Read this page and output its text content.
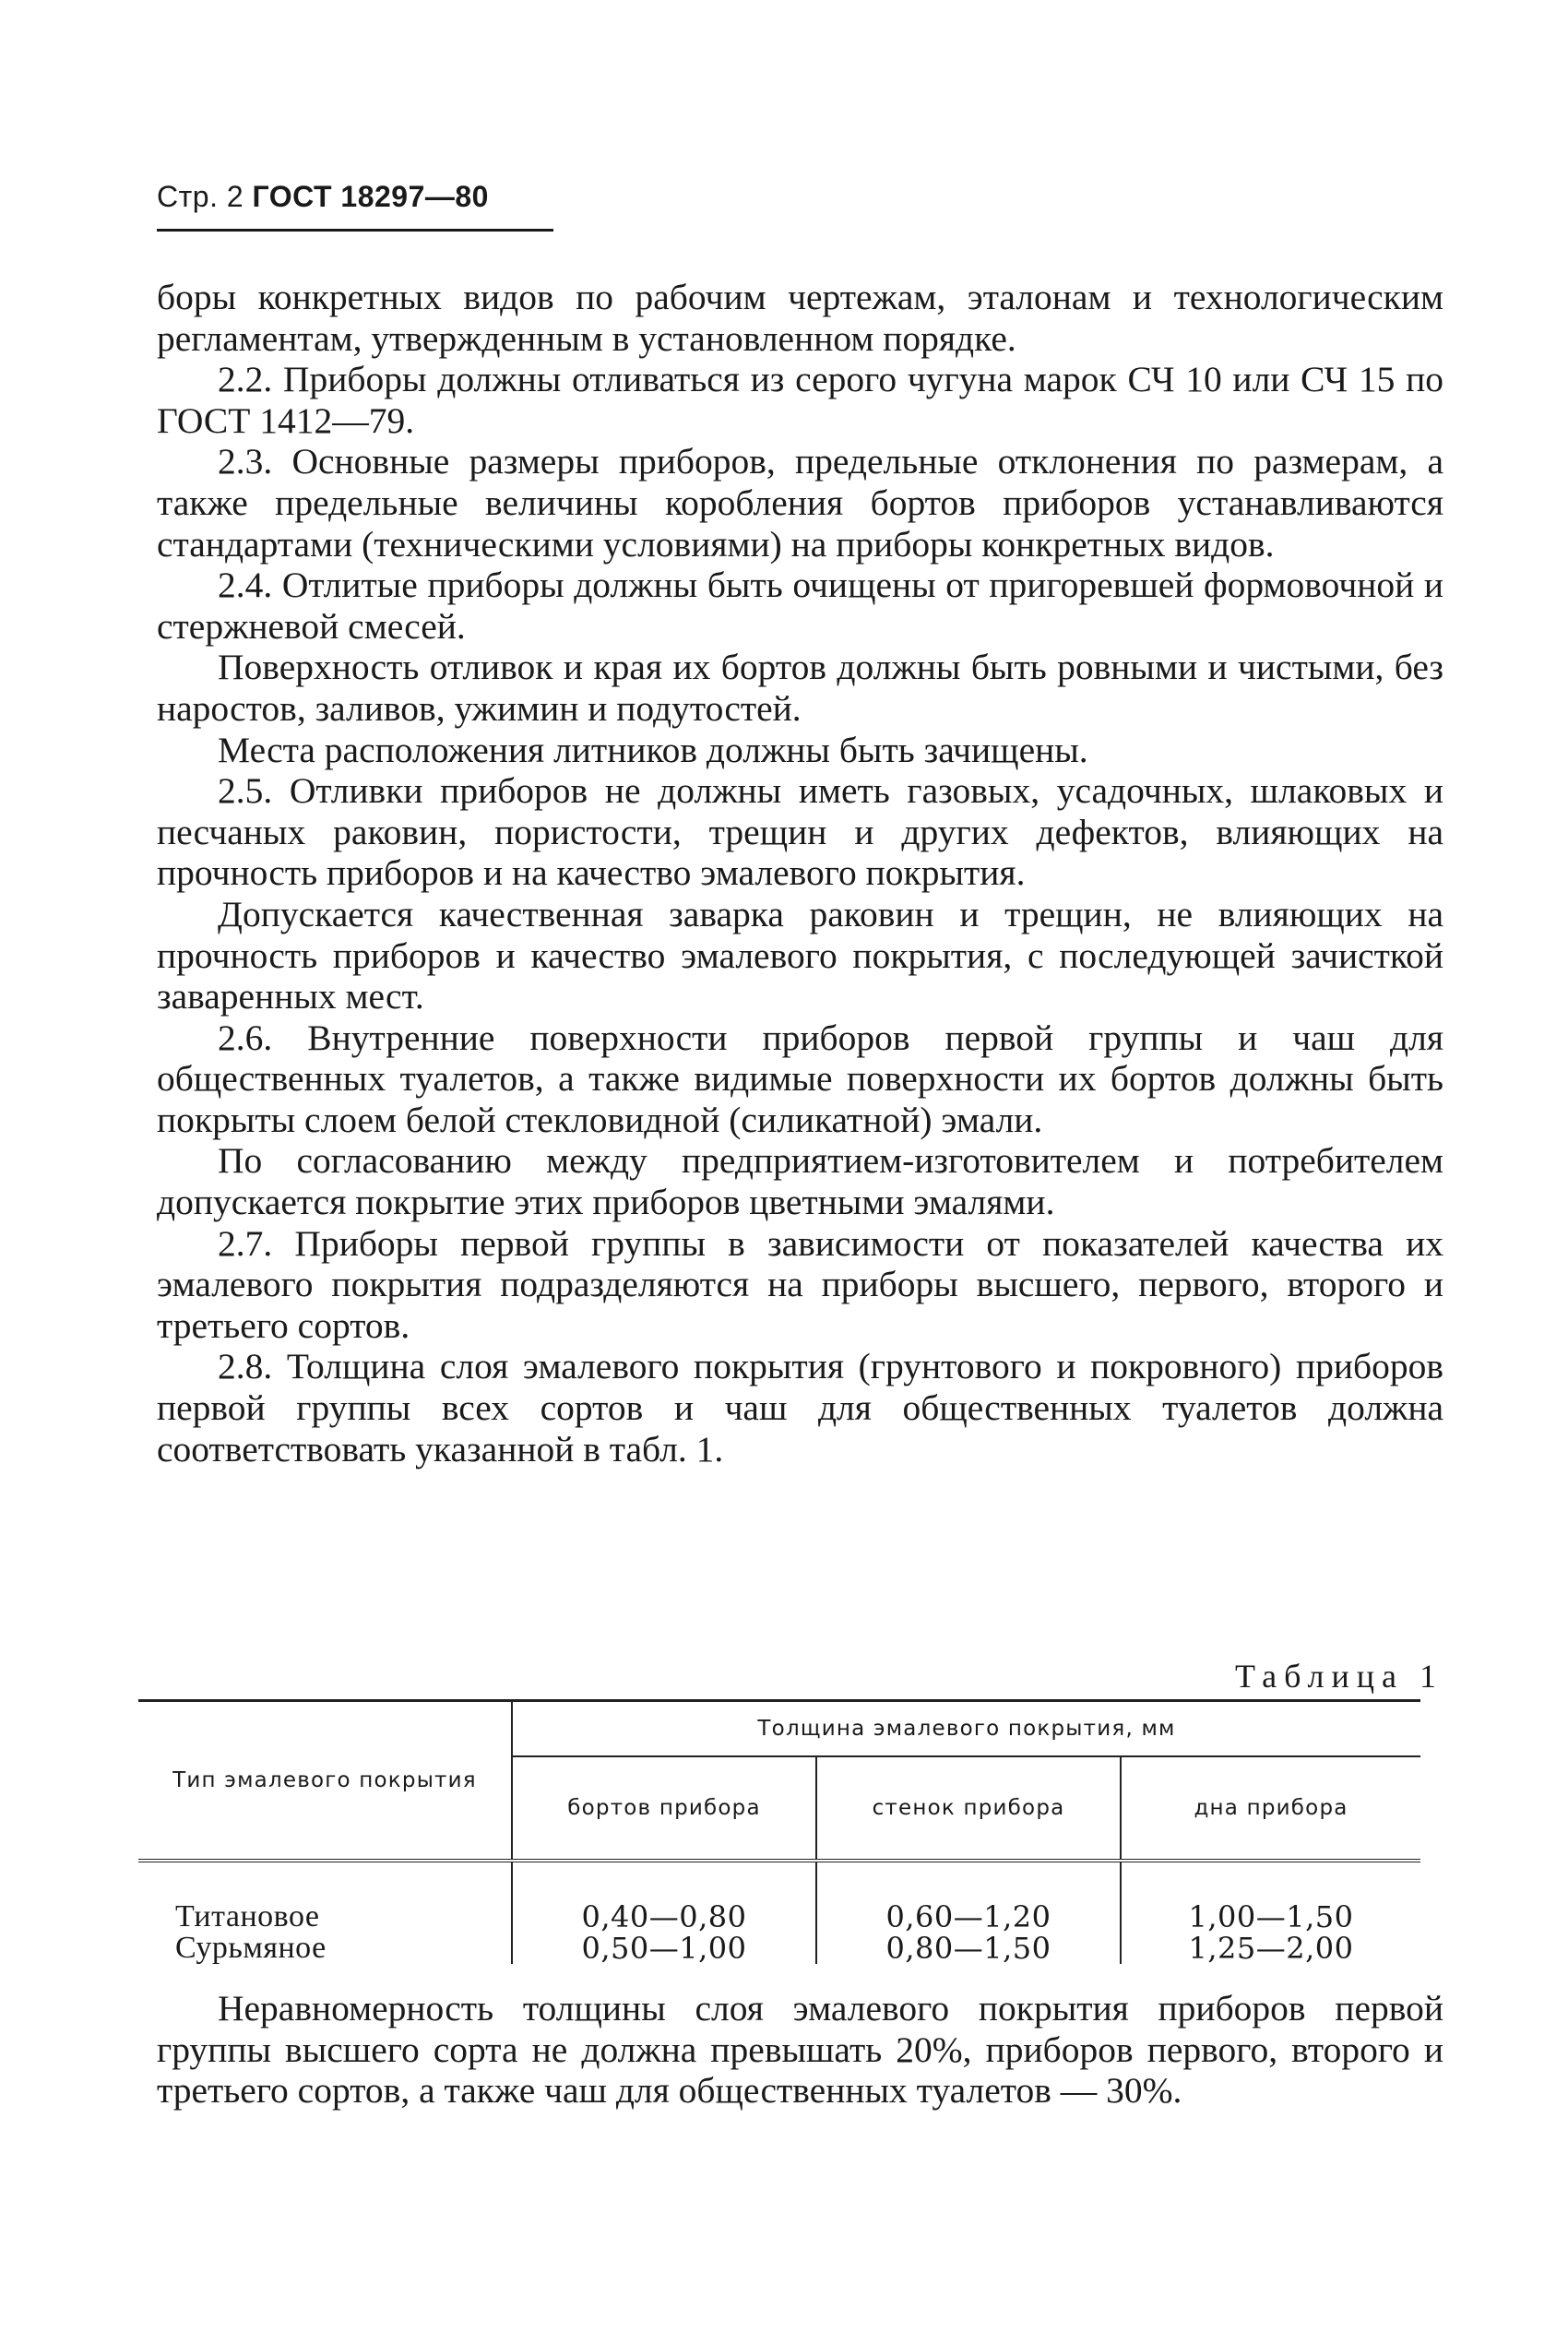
Стр. 2 ГОСТ 18297—80

боры конкретных видов по рабочим чертежам, эталонам и технологическим регламентам, утвержденным в установленном порядке.

2.2. Приборы должны отливаться из серого чугуна марок СЧ 10 или СЧ 15 по ГОСТ 1412—79.

2.3. Основные размеры приборов, предельные отклонения по размерам, а также предельные величины коробления бортов приборов устанавливаются стандартами (техническими условиями) на приборы конкретных видов.

2.4. Отлитые приборы должны быть очищены от пригоревшей формовочной и стержневой смесей.

Поверхность отливок и края их бортов должны быть ровными и чистыми, без наростов, заливов, ужимин и подутостей.

Места расположения литников должны быть зачищены.

2.5. Отливки приборов не должны иметь газовых, усадочных, шлаковых и песчаных раковин, пористости, трещин и других дефектов, влияющих на прочность приборов и на качество эмалевого покрытия.

Допускается качественная заварка раковин и трещин, не влияющих на прочность приборов и качество эмалевого покрытия, с последующей зачисткой заваренных мест.

2.6. Внутренние поверхности приборов первой группы и чаш для общественных туалетов, а также видимые поверхности их бортов должны быть покрыты слоем белой стекловидной (силикатной) эмали.

По согласованию между предприятием-изготовителем и потребителем допускается покрытие этих приборов цветными эмалями.

2.7. Приборы первой группы в зависимости от показателей качества их эмалевого покрытия подразделяются на приборы высшего, первого, второго и третьего сортов.

2.8. Толщина слоя эмалевого покрытия (грунтового и покровного) приборов первой группы всех сортов и чаш для общественных туалетов должна соответствовать указанной в табл. 1.

Таблица 1
Тип эмалевого покрытия	Толщина эмалевого покрытия, мм		
	бортов прибора	стенок прибора	дна прибора
Титановое	0,40—0,80	0,60—1,20	1,00—1,50
Сурьмяное	0,50—1,00	0,80—1,50	1,25—2,00

Неравномерность толщины слоя эмалевого покрытия приборов первой группы высшего сорта не должна превышать 20%, приборов первого, второго и третьего сортов, а также чаш для общественных туалетов — 30%.
